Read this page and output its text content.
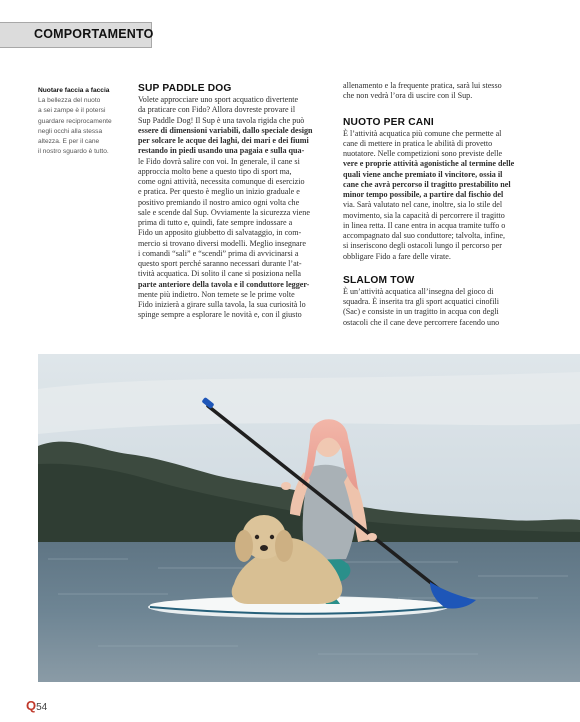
COMPORTAMENTO
Nuotare faccia a faccia
La bellezza del nuoto
a sei zampe è il potersi
guardare reciprocamente
negli occhi alla stessa
altezza. E per il cane
il nostro sguardo è tutto.
SUP PADDLE DOG
Volete approcciare uno sport acquatico divertente
da praticare con Fido? Allora dovreste provare il
Sup Paddle Dog! Il Sup è una tavola rigida che può
essere di dimensioni variabili, dallo speciale design
per solcare le acque dei laghi, dei mari e dei fiumi
restando in piedi usando una pagaia e sulla qua-
le Fido dovrà salire con voi. In generale, il cane si
approccia molto bene a questo tipo di sport ma,
come ogni attività, necessita comunque di esercizio
e pratica. Per questo è meglio un inizio graduale e
positivo premiando il nostro amico ogni volta che
sale e scende dal Sup. Ovviamente la sicurezza viene
prima di tutto e, quindi, fate sempre indossare a
Fido un apposito giubbetto di salvataggio, in com-
mercio si trovano diversi modelli. Meglio insegnare
i comandi “sali” e “scendi” prima di avvicinarsi a
questo sport perché saranno necessari durante l’at-
tività acquatica. Di solito il cane si posiziona nella
parte anteriore della tavola e il conduttore legger-
mente più indietro. Non temete se le prime volte
Fido inizierà a girare sulla tavola, la sua curiosità lo
spinge sempre a esplorare le novità e, con il giusto
allenamento e la frequente pratica, sarà lui stesso
che non vedrà l’ora di uscire con il Sup.
NUOTO PER CANI
È l’attività acquatica più comune che permette al
cane di mettere in pratica le abilità di provetto
nuotatore. Nelle competizioni sono previste delle
vere e proprie attività agonistiche al termine delle
quali viene anche premiato il vincitore, ossia il
cane che avrà percorso il tragitto prestabilito nel
minor tempo possibile, a partire dal fischio del
via. Sarà valutato nel cane, inoltre, sia lo stile del
movimento, sia la capacità di percorrere il tragitto
in linea retta. Il cane entra in acqua tramite tuffo o
accompagnato dal suo conduttore; talvolta, infine,
si inseriscono degli ostacoli lungo il percorso per
obbligare Fido a fare delle virate.
SLALOM TOW
È un’attività acquatica all’insegna del gioco di
squadra. È inserita tra gli sport acquatici cinofili
(Sac) e consiste in un tragitto in acqua con degli
ostacoli che il cane deve percorrere facendo uno
Q54
